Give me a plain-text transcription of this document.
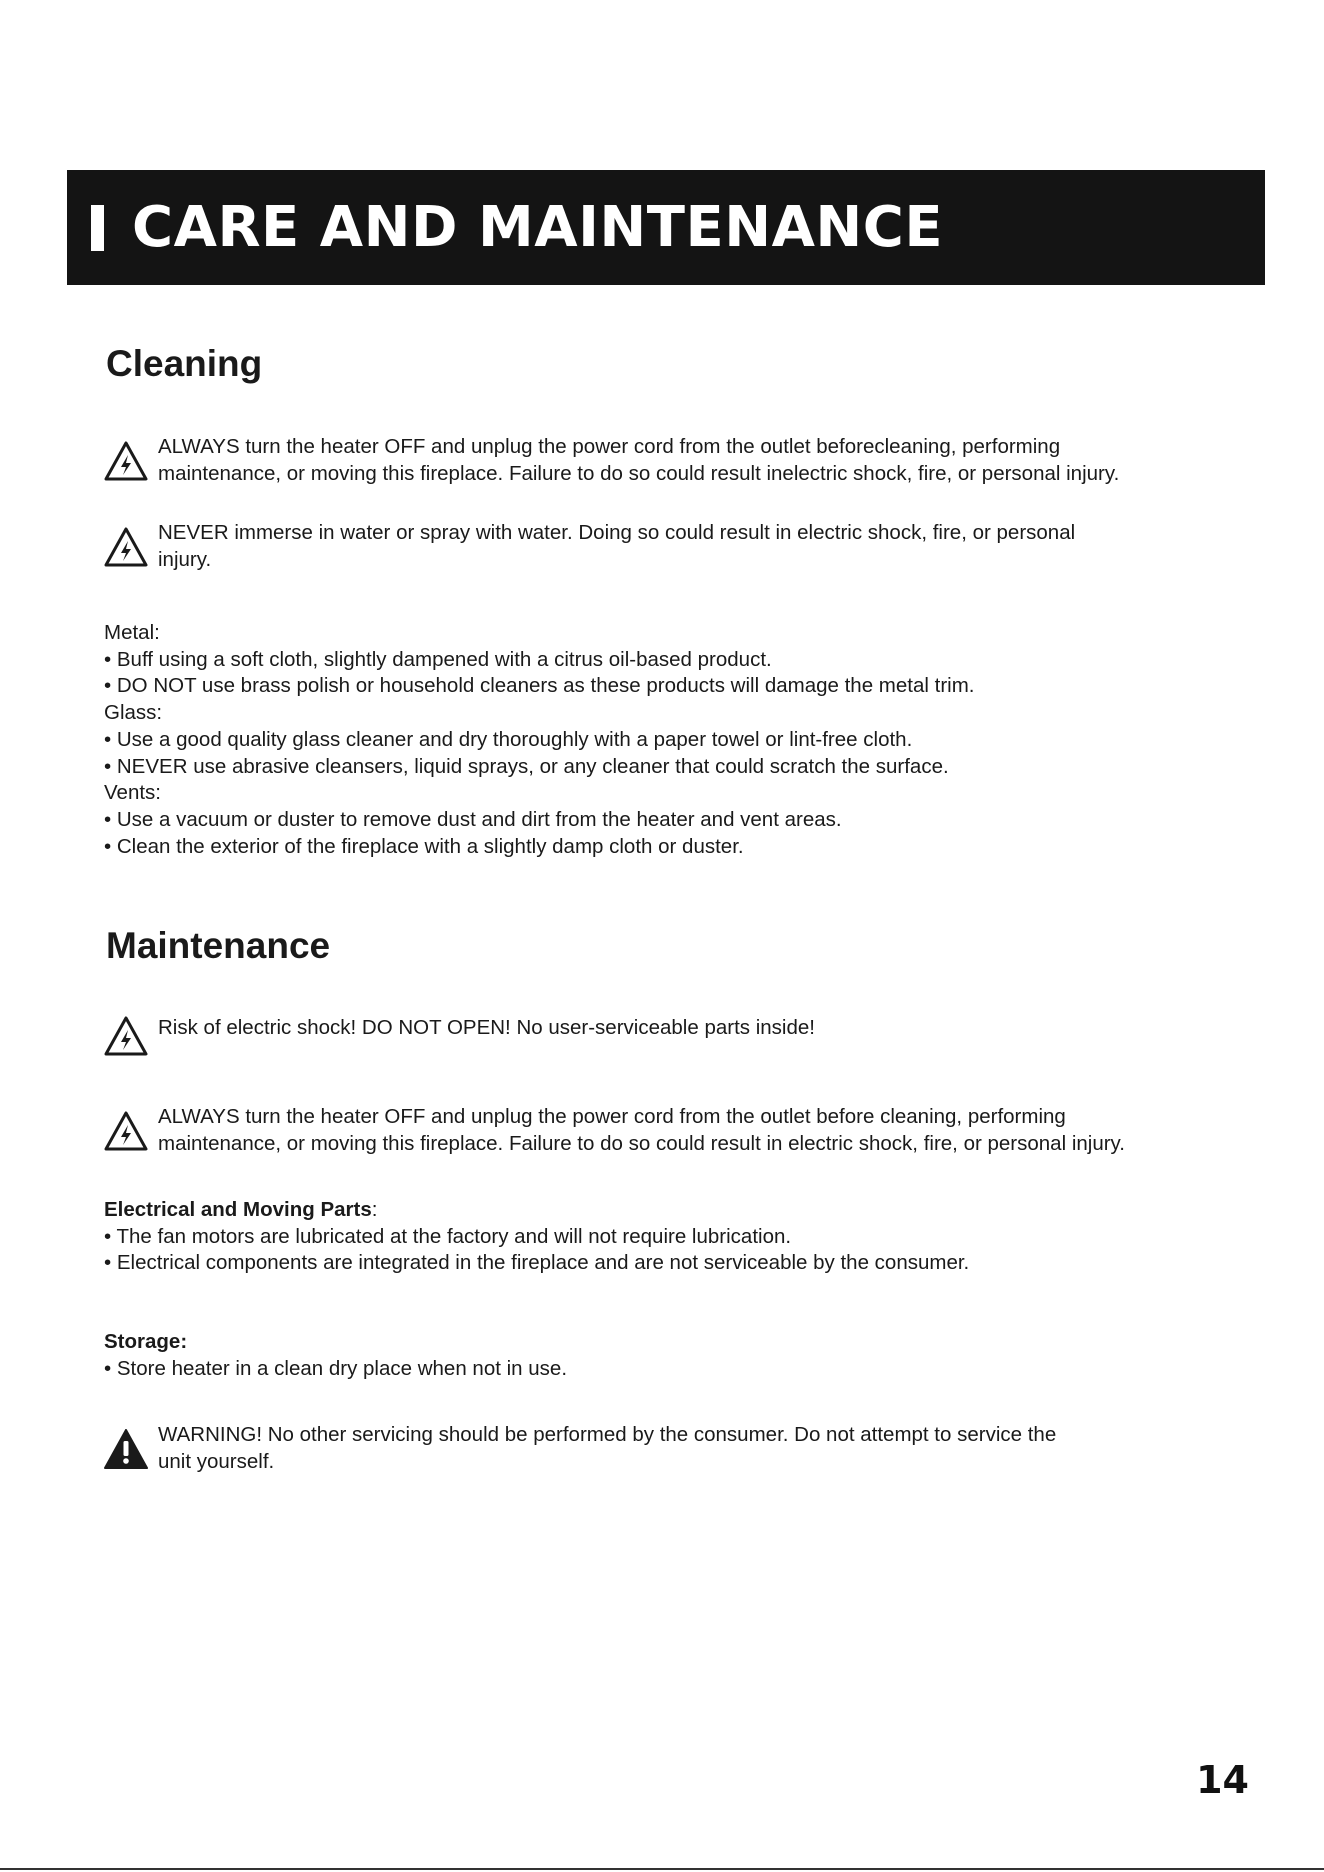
CARE AND MAINTENANCE
Cleaning
ALWAYS turn the heater OFF and unplug the power cord from the outlet beforecleaning, performing
maintenance, or moving this fireplace. Failure to do so could result inelectric shock, fire, or personal injury.
NEVER immerse in water or spray with water. Doing so could result in electric shock, fire, or personal
injury.
Metal:
• Buff using a soft cloth, slightly dampened with a citrus oil-based product.
• DO NOT use brass polish or household cleaners as these products will damage the metal trim.
Glass:
• Use a good quality glass cleaner and dry thoroughly with a paper towel or lint-free cloth.
• NEVER use abrasive cleansers, liquid sprays, or any cleaner that could scratch the surface.
Vents:
• Use a vacuum or duster to remove dust and dirt from the heater and vent areas.
• Clean the exterior of the fireplace with a slightly damp cloth or duster.
Maintenance
Risk of electric shock! DO NOT OPEN! No user-serviceable parts inside!
ALWAYS turn the heater OFF and unplug the power cord from the outlet before cleaning, performing
maintenance, or moving this fireplace. Failure to do so could result in electric shock, fire, or personal injury.
Electrical and Moving Parts:
• The fan motors are lubricated at the factory and will not require lubrication.
• Electrical components are integrated in the fireplace and are not serviceable by the consumer.
Storage:
• Store heater in a clean dry place when not in use.
WARNING! No other servicing should be performed by the consumer. Do not attempt to service the
unit yourself.
14
